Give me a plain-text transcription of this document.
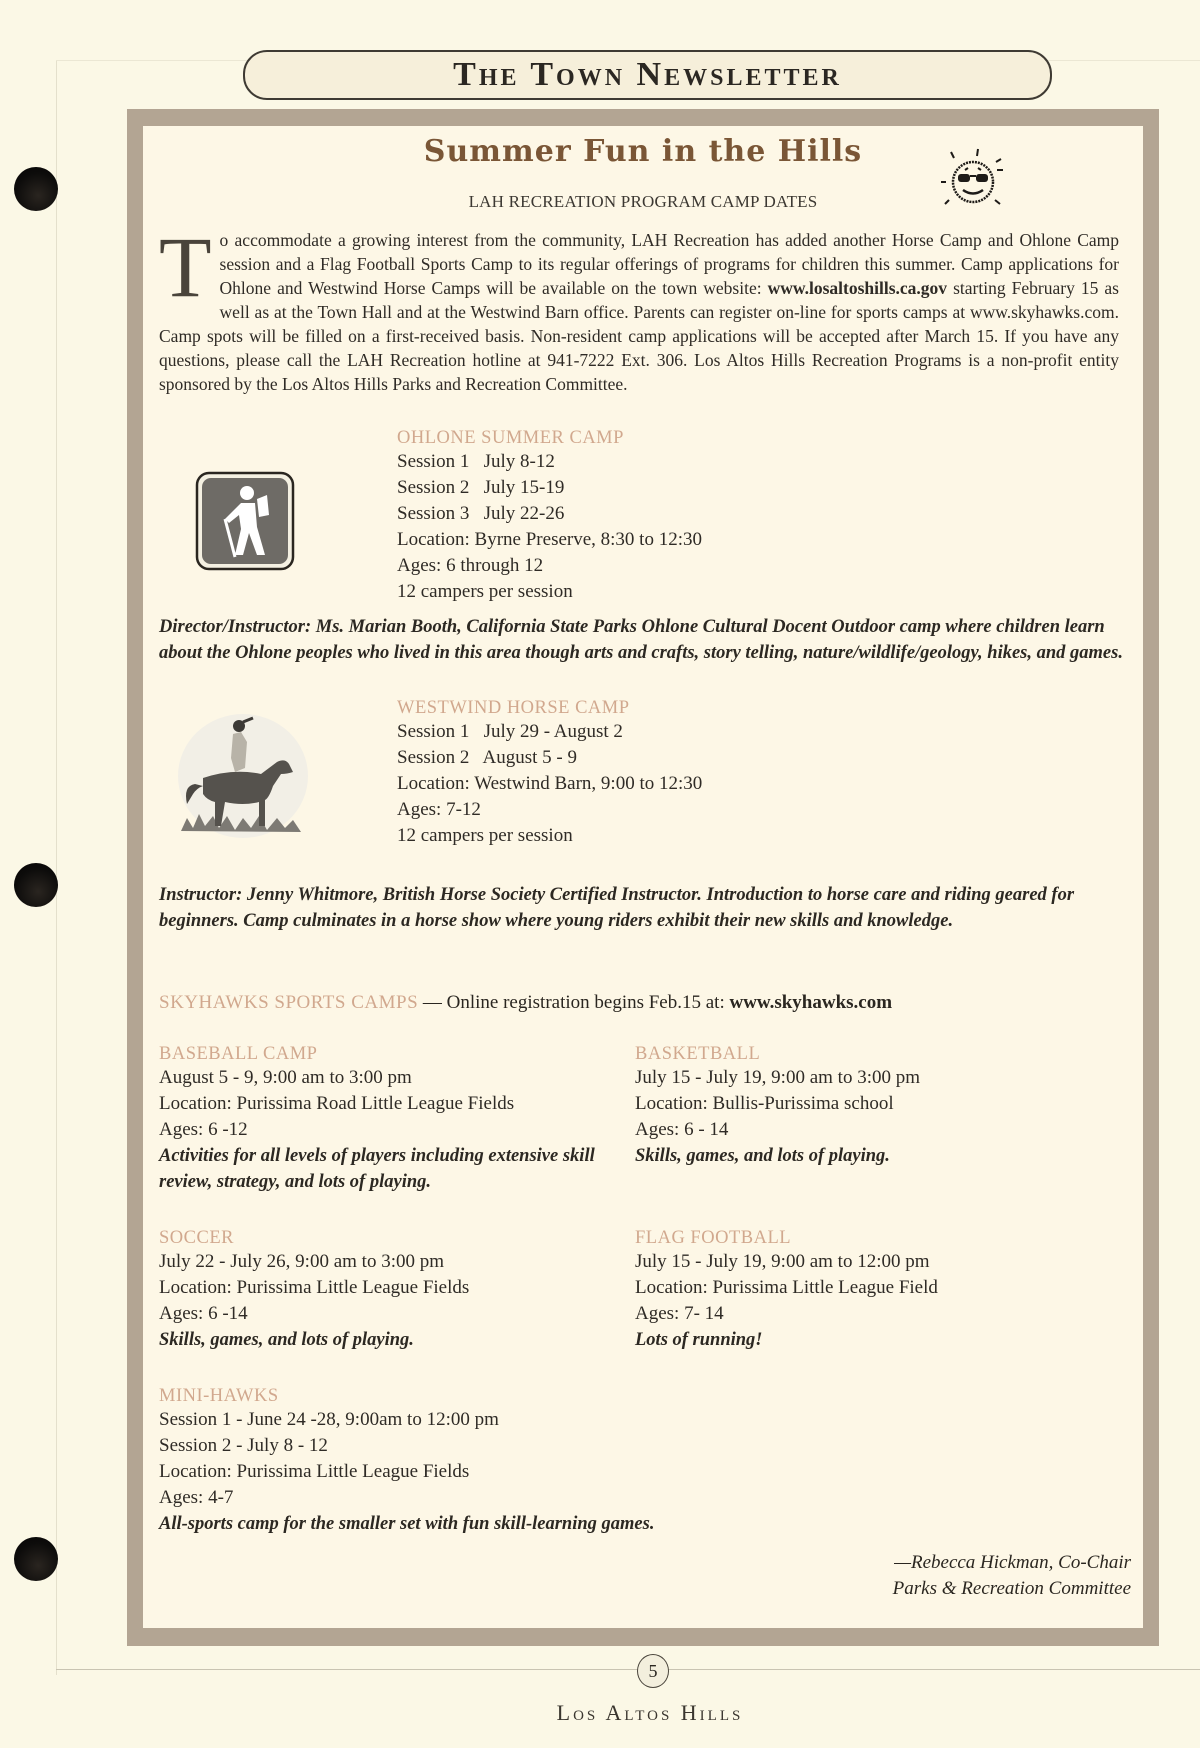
The Town Newsletter
Summer Fun in the Hills
LAH RECREATION PROGRAM CAMP DATES
To accommodate a growing interest from the community, LAH Recreation has added another Horse Camp and Ohlone Camp session and a Flag Football Sports Camp to its regular offerings of programs for children this summer. Camp applications for Ohlone and Westwind Horse Camps will be available on the town website: www.losaltoshills.ca.gov starting February 15 as well as at the Town Hall and at the Westwind Barn office. Parents can register on-line for sports camps at www.skyhawks.com. Camp spots will be filled on a first-received basis. Non-resident camp applications will be accepted after March 15. If you have any questions, please call the LAH Recreation hotline at 941-7222 Ext. 306. Los Altos Hills Recreation Programs is a non-profit entity sponsored by the Los Altos Hills Parks and Recreation Committee.
OHLONE SUMMER CAMP
Session 1   July 8-12
Session 2   July 15-19
Session 3   July 22-26
Location: Byrne Preserve, 8:30 to 12:30
Ages: 6 through 12
12 campers per session
Director/Instructor: Ms. Marian Booth, California State Parks Ohlone Cultural Docent Outdoor camp where children learn about the Ohlone peoples who lived in this area though arts and crafts, story telling, nature/wildlife/geology, hikes, and games.
WESTWIND HORSE CAMP
Session 1   July 29 - August 2
Session 2   August 5 - 9
Location: Westwind Barn, 9:00 to 12:30
Ages: 7-12
12 campers per session
Instructor: Jenny Whitmore, British Horse Society Certified Instructor. Introduction to horse care and riding geared for beginners. Camp culminates in a horse show where young riders exhibit their new skills and knowledge.
SKYHAWKS SPORTS CAMPS — Online registration begins Feb.15 at: www.skyhawks.com
BASEBALL CAMP
August 5 - 9, 9:00 am to 3:00 pm
Location: Purissima Road Little League Fields
Ages: 6 -12
Activities for all levels of players including extensive skill review, strategy, and lots of playing.
BASKETBALL
July 15 - July 19, 9:00 am to 3:00 pm
Location: Bullis-Purissima school
Ages: 6 - 14
Skills, games, and lots of playing.
SOCCER
July 22 - July 26, 9:00 am to 3:00 pm
Location: Purissima Little League Fields
Ages: 6 -14
Skills, games, and lots of playing.
FLAG FOOTBALL
July 15 - July 19, 9:00 am to 12:00 pm
Location: Purissima Little League Field
Ages: 7- 14
Lots of running!
MINI-HAWKS
Session 1 - June 24 -28, 9:00am to 12:00 pm
Session 2 - July 8 - 12
Location: Purissima Little League Fields
Ages: 4-7
All-sports camp for the smaller set with fun skill-learning games.
—Rebecca Hickman, Co-Chair
Parks & Recreation Committee
5
Los Altos Hills
